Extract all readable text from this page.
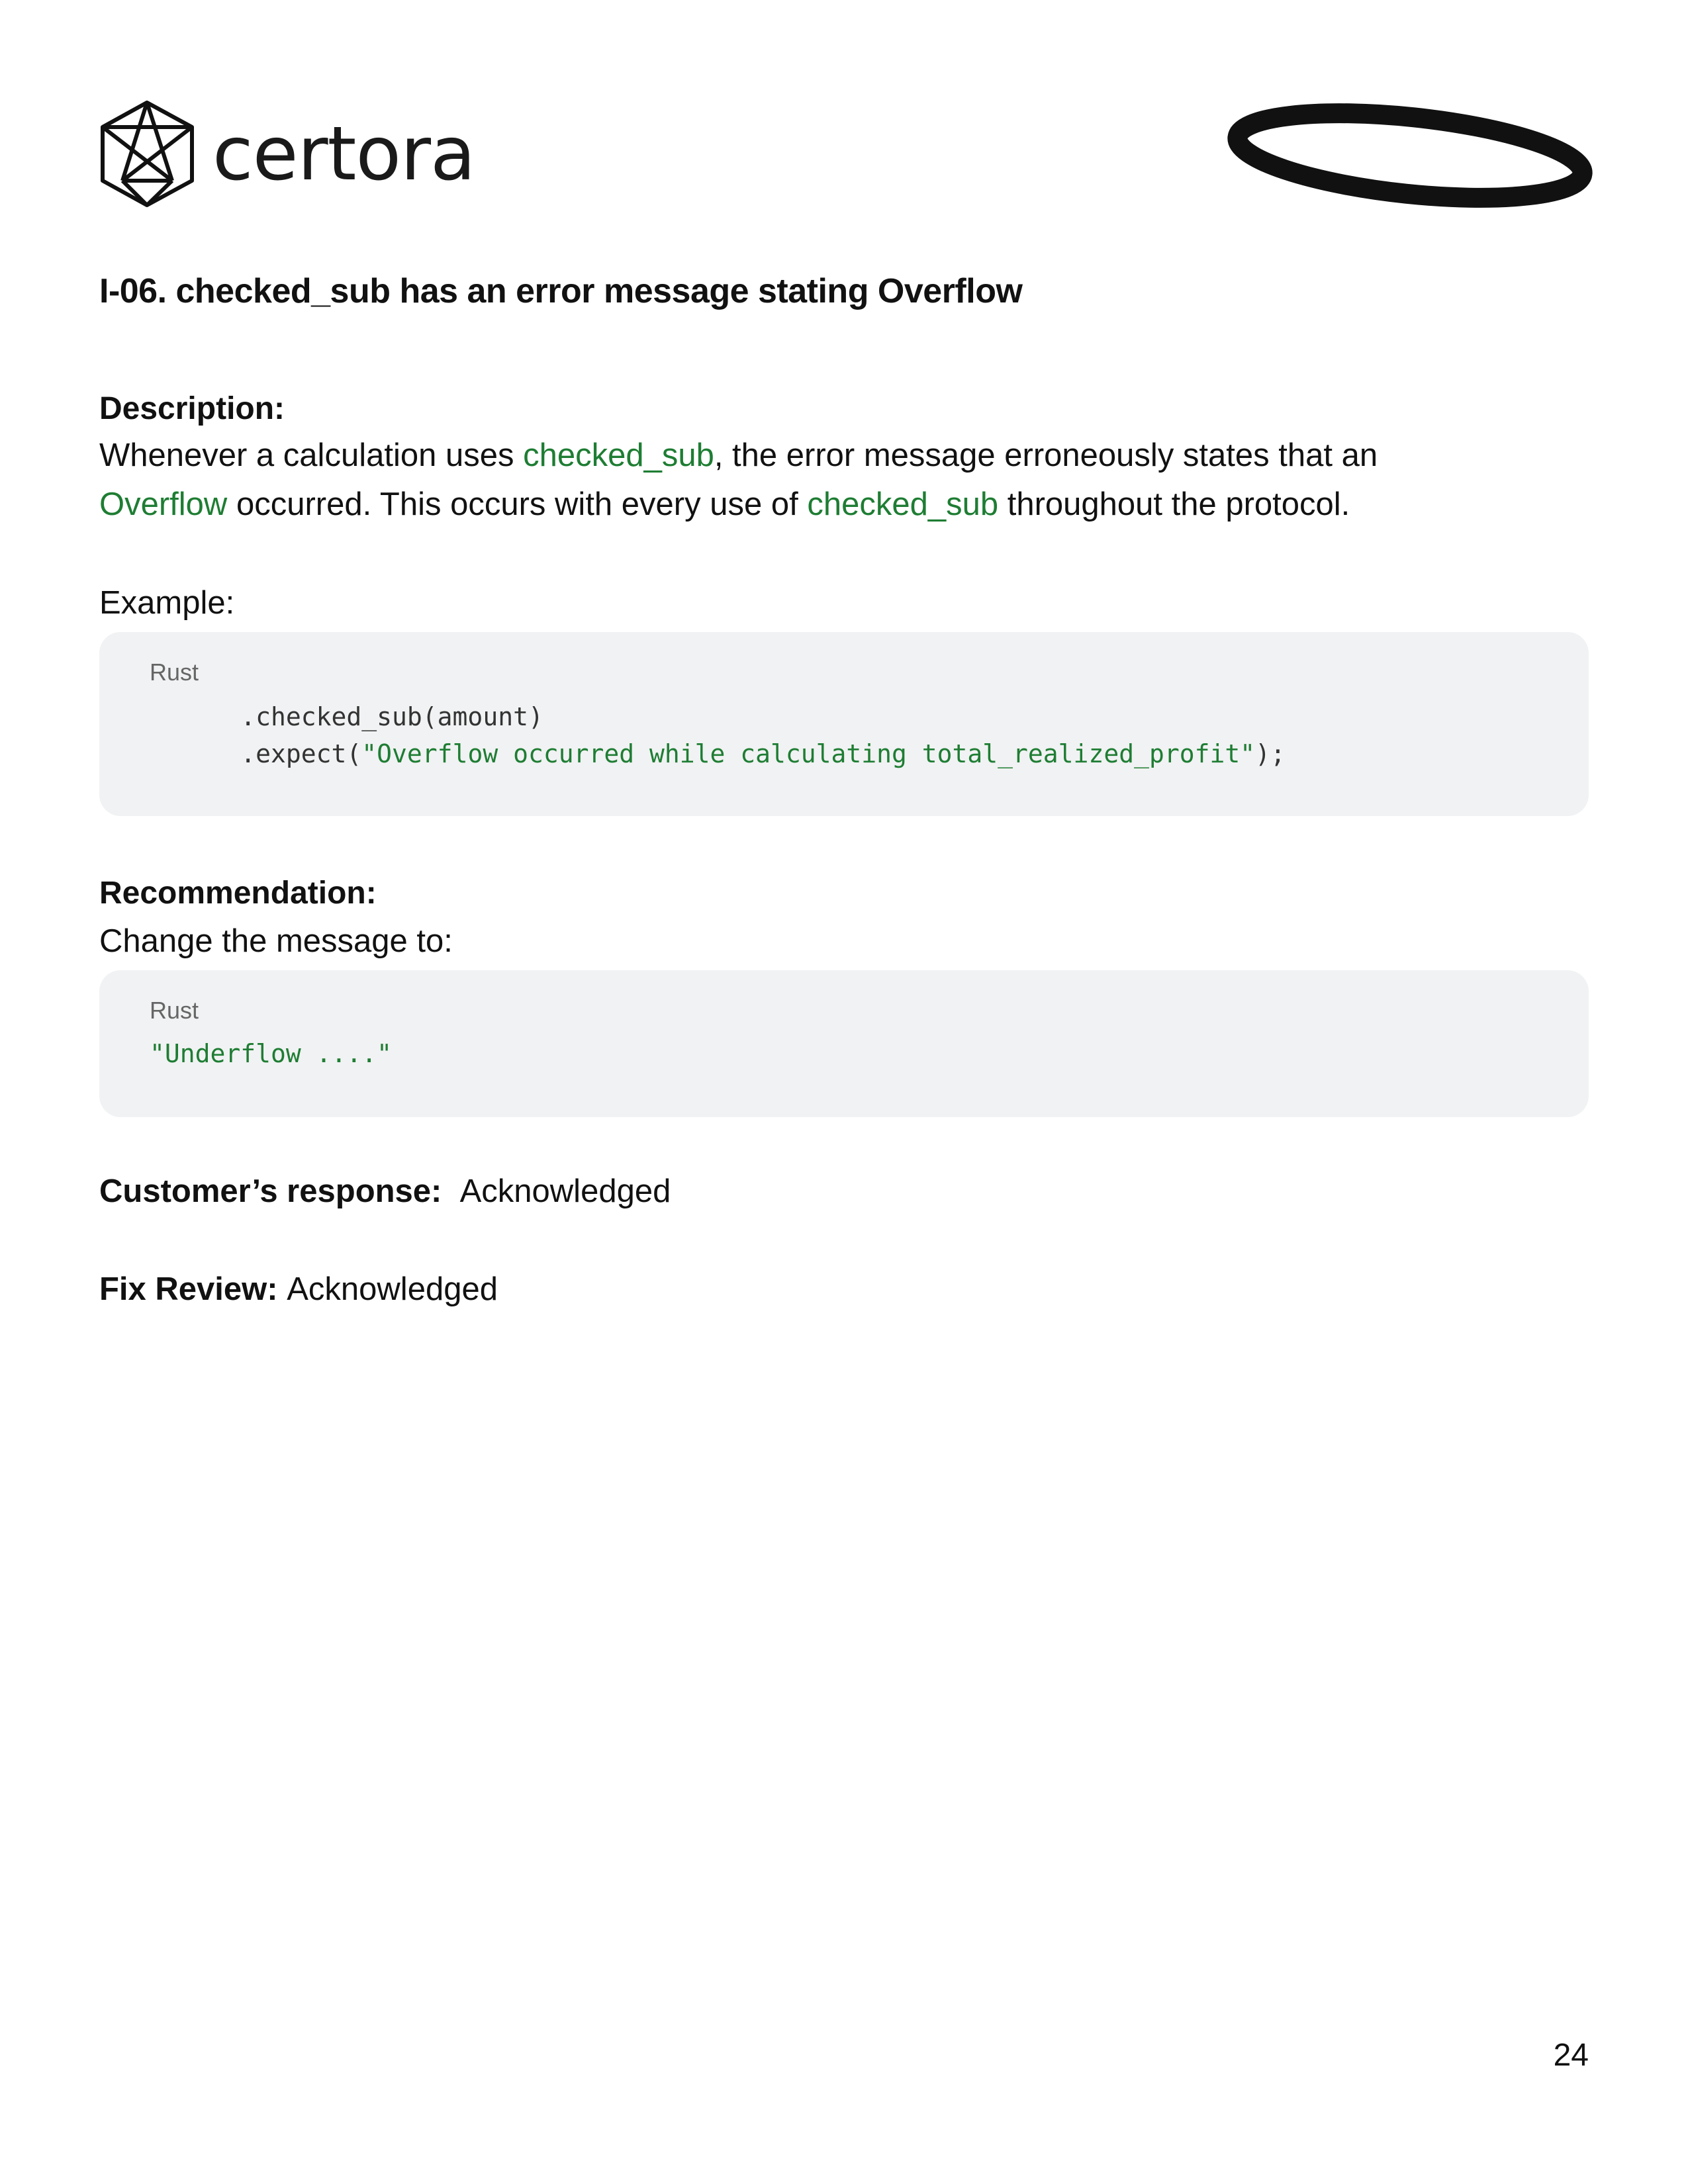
certora
I-06. checked_sub has an error message stating Overflow

Description:

Whenever a calculation uses checked_sub, the error message erroneously states that an
Overflow occurred. This occurs with every use of checked_sub throughout the protocol.

Example:

Rust
.checked_sub(amount)
.expect("Overflow occurred while calculating total_realized_profit");

Recommendation:

Change the message to:

Rust
"Underflow ...."

Customer’s response: Acknowledged

Fix Review: Acknowledged

24
